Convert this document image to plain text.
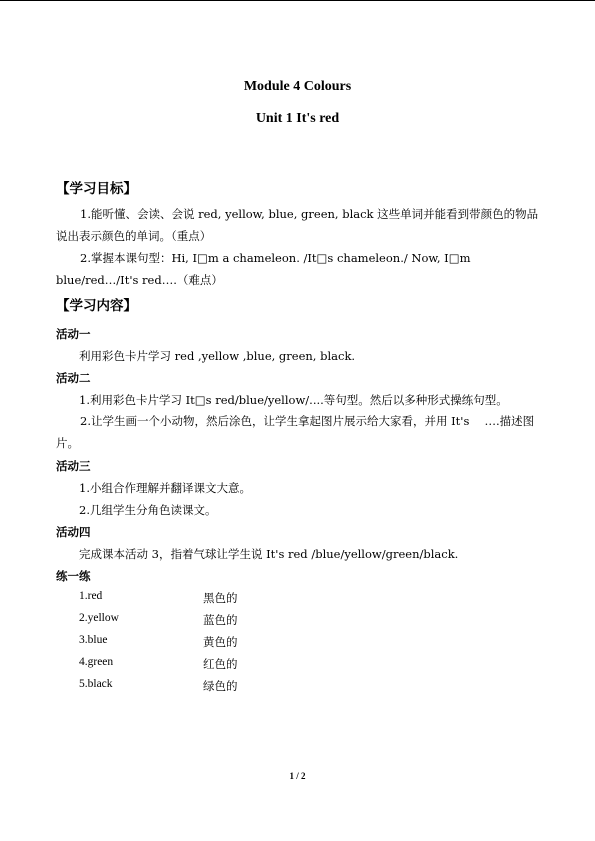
Module 4 Colours
Unit 1 It's red
【学习目标】
1.能听懂、会读、会说 red, yellow, blue, green, black 这些单词并能看到带颜色的物品说出表示颜色的单词。（重点）
2.掌握本课句型：Hi, I□m a chameleon. /It□s chameleon./ Now, I□m blue/red…/It's red….（难点）
【学习内容】
活动一
利用彩色卡片学习 red ,yellow ,blue, green, black.
活动二
1.利用彩色卡片学习 It□s red/blue/yellow/....等句型。然后以多种形式操练句型。
2.让学生画一个小动物，然后涂色，让学生拿起图片展示给大家看，并用 It's　 ….描述图片。
活动三
1.小组合作理解并翻译课文大意。
2.几组学生分角色读课文。
活动四
完成课本活动 3，指着气球让学生说 It's red /blue/yellow/green/black.
练一练
1.red	黑色的
2.yellow	蓝色的
3.blue	黄色的
4.green	红色的
5.black	绿色的
1 / 2
